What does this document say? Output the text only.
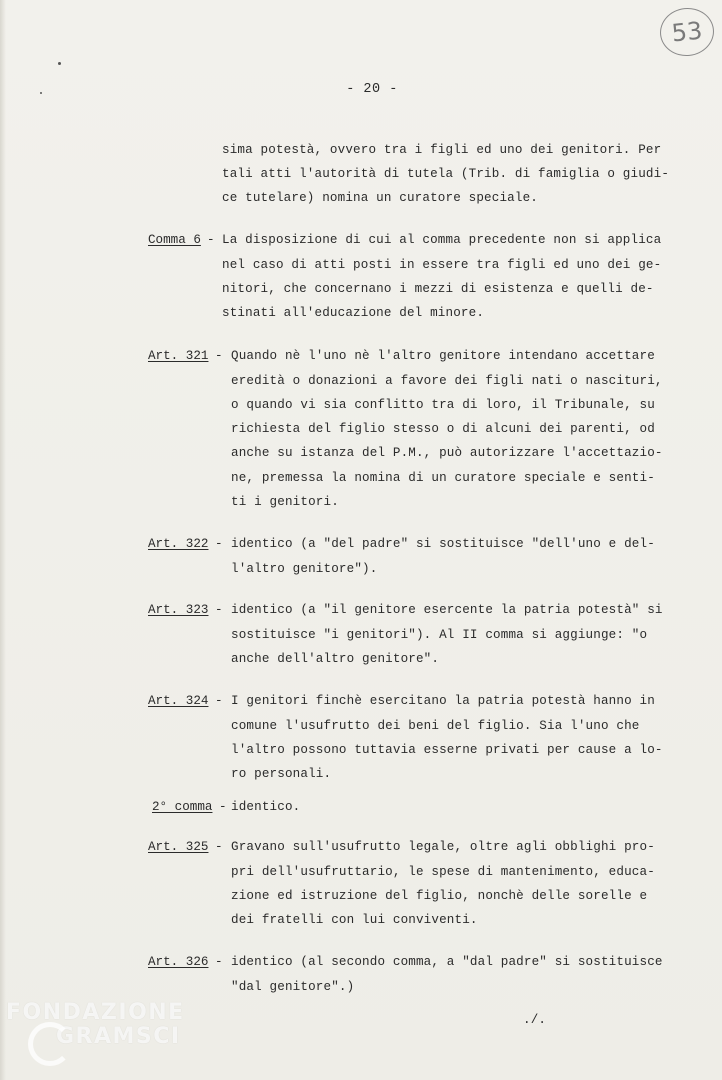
53
- 20 -
sima potestà, ovvero tra i figli ed uno dei genitori. Per
tali atti l'autorità di tutela (Trib. di famiglia o giudi-
ce tutelare) nomina un curatore speciale.
Comma 6 - La disposizione di cui al comma precedente non si applica
nel caso di atti posti in essere tra figli ed uno dei ge-
nitori, che concernano i mezzi di esistenza e quelli de-
stinati all'educazione del minore.
Art. 321 - Quando nè l'uno nè l'altro genitore intendano accettare
eredità o donazioni a favore dei figli nati o nascituri,
o quando vi sia conflitto tra di loro, il Tribunale, su
richiesta del figlio stesso o di alcuni dei parenti, od
anche su istanza del P.M., può autorizzare l'accettazio-
ne, premessa la nomina di un curatore speciale e senti-
ti i genitori.
Art. 322 - identico (a "del padre" si sostituisce "dell'uno e del-
l'altro genitore").
Art. 323 - identico (a "il genitore esercente la patria potestà" si
sostituisce "i genitori"). Al II comma si aggiunge: "o
anche dell'altro genitore".
Art. 324 - I genitori finchè esercitano la patria potestà hanno in
comune l'usufrutto dei beni del figlio. Sia l'uno che
l'altro possono tuttavia esserne privati per cause a lo-
ro personali.
2° comma - identico.
Art. 325 - Gravano sull'usufrutto legale, oltre agli obblighi pro-
pri dell'usufruttario, le spese di mantenimento, educa-
zione ed istruzione del figlio, nonchè delle sorelle e
dei fratelli con lui conviventi.
Art. 326 - identico (al secondo comma, a "dal padre" si sostituisce
"dal genitore".)
./.
FONDAZIONE
GRAMSCI
